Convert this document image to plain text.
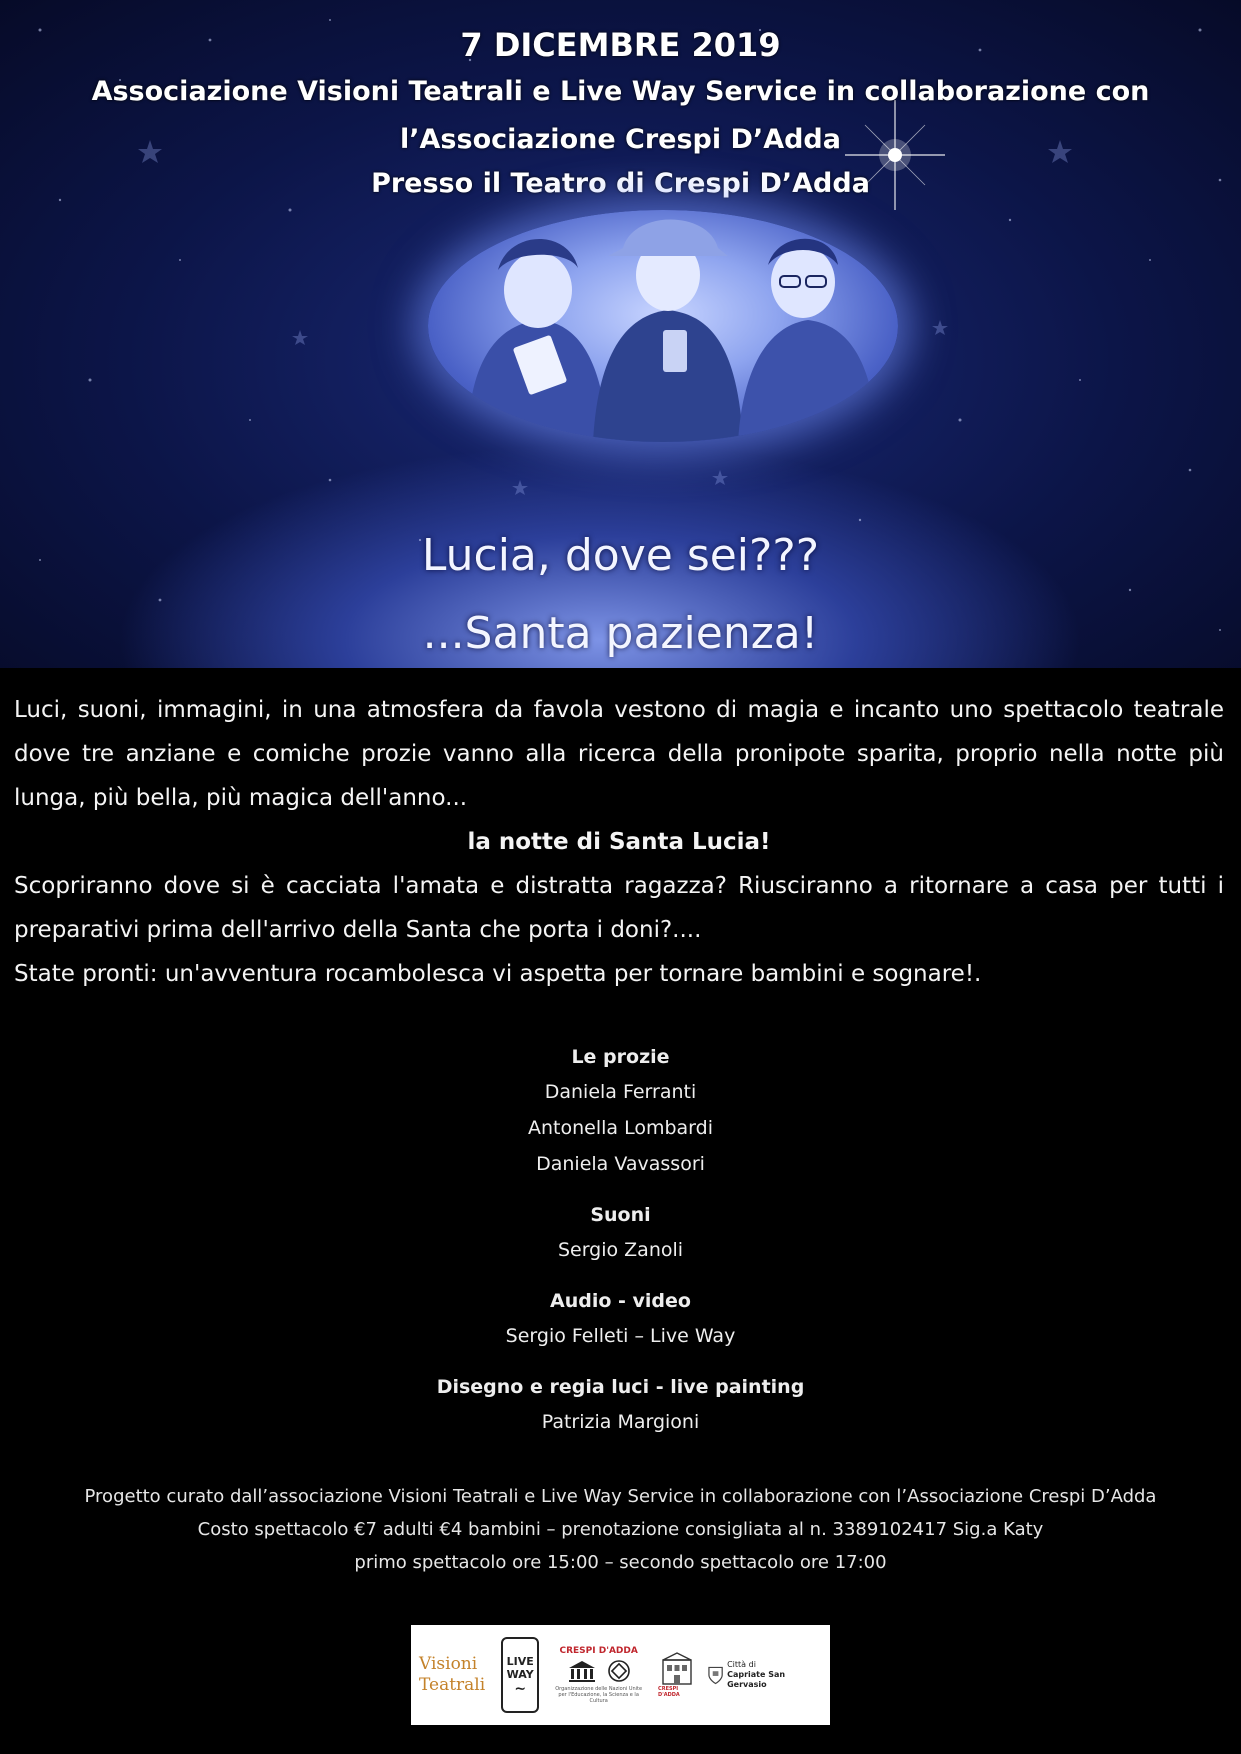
7 DICEMBRE 2019
Associazione Visioni Teatrali e Live Way Service in collaborazione con
l’Associazione Crespi D’Adda
Presso il Teatro di Crespi D’Adda
Lucia, dove sei???
...Santa pazienza!

Luci, suoni, immagini, in una atmosfera da favola vestono di magia e incanto uno spettacolo teatrale dove tre anziane e comiche prozie vanno alla ricerca della pronipote sparita, proprio nella notte più lunga, più bella, più magica dell'anno...

la notte di Santa Lucia!

Scopriranno dove si è cacciata l'amata e distratta ragazza? Riusciranno a ritornare a casa per tutti i preparativi prima dell'arrivo della Santa che porta i doni?....

State pronti: un'avventura rocambolesca vi aspetta per tornare bambini e sognare!.

Le prozie
Daniela Ferranti
Antonella Lombardi
Daniela Vavassori
Suoni
Sergio Zanoli
Audio - video
Sergio Felleti – Live Way
Disegno e regia luci - live painting
Patrizia Margioni

Progetto curato dall’associazione Visioni Teatrali e Live Way Service in collaborazione con l’Associazione Crespi D’Adda

Costo spettacolo €7 adulti €4 bambini – prenotazione consigliata al n. 3389102417 Sig.a Katy

primo spettacolo ore 15:00 – secondo spettacolo ore 17:00

Visioni
Teatrali
LIVE
WAY
∼
CRESPI D'ADDA
Organizzazione delle Nazioni Unite per l'Educazione, la Scienza e la Cultura
CRESPI D'ADDA
Città di
Capriate San Gervasio
